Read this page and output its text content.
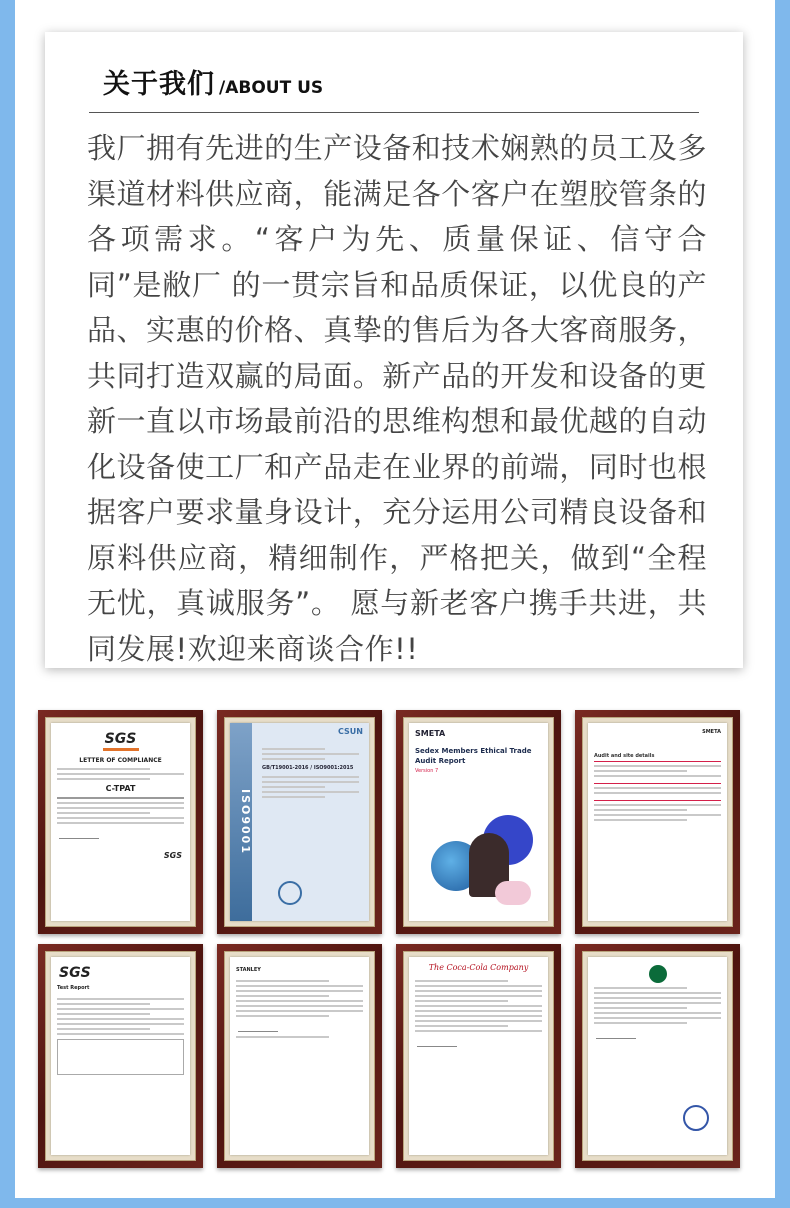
关于我们 /ABOUT US
我厂拥有先进的生产设备和技术娴熟的员工及多渠道材料供应商，能满足各个客户在塑胶管条的各项需求。“客户为先、质量保证、信守合同”是敝厂 的一贯宗旨和品质保证，以优良的产品、实惠的价格、真挚的售后为各大客商服务，共同打造双赢的局面。新产品的开发和设备的更新一直以市场最前沿的思维构想和最优越的自动化设备使工厂和产品走在业界的前端，同时也根据客户要求量身设计，充分运用公司精良设备和原料供应商，精细制作，严格把关，做到“全程无忧，真诚服务”。 愿与新老客户携手共进，共同发展!欢迎来商谈合作!!
SGS
LETTER OF COMPLIANCE
C-TPAT
SGS
ISO9001
CSUN
GB/T19001-2016 / ISO9001:2015
SMETA
Sedex Members Ethical Trade Audit Report
Version 7
SMETA
Audit and site details
SGS
Test Report
STANLEY	The Coca-Cola Company
